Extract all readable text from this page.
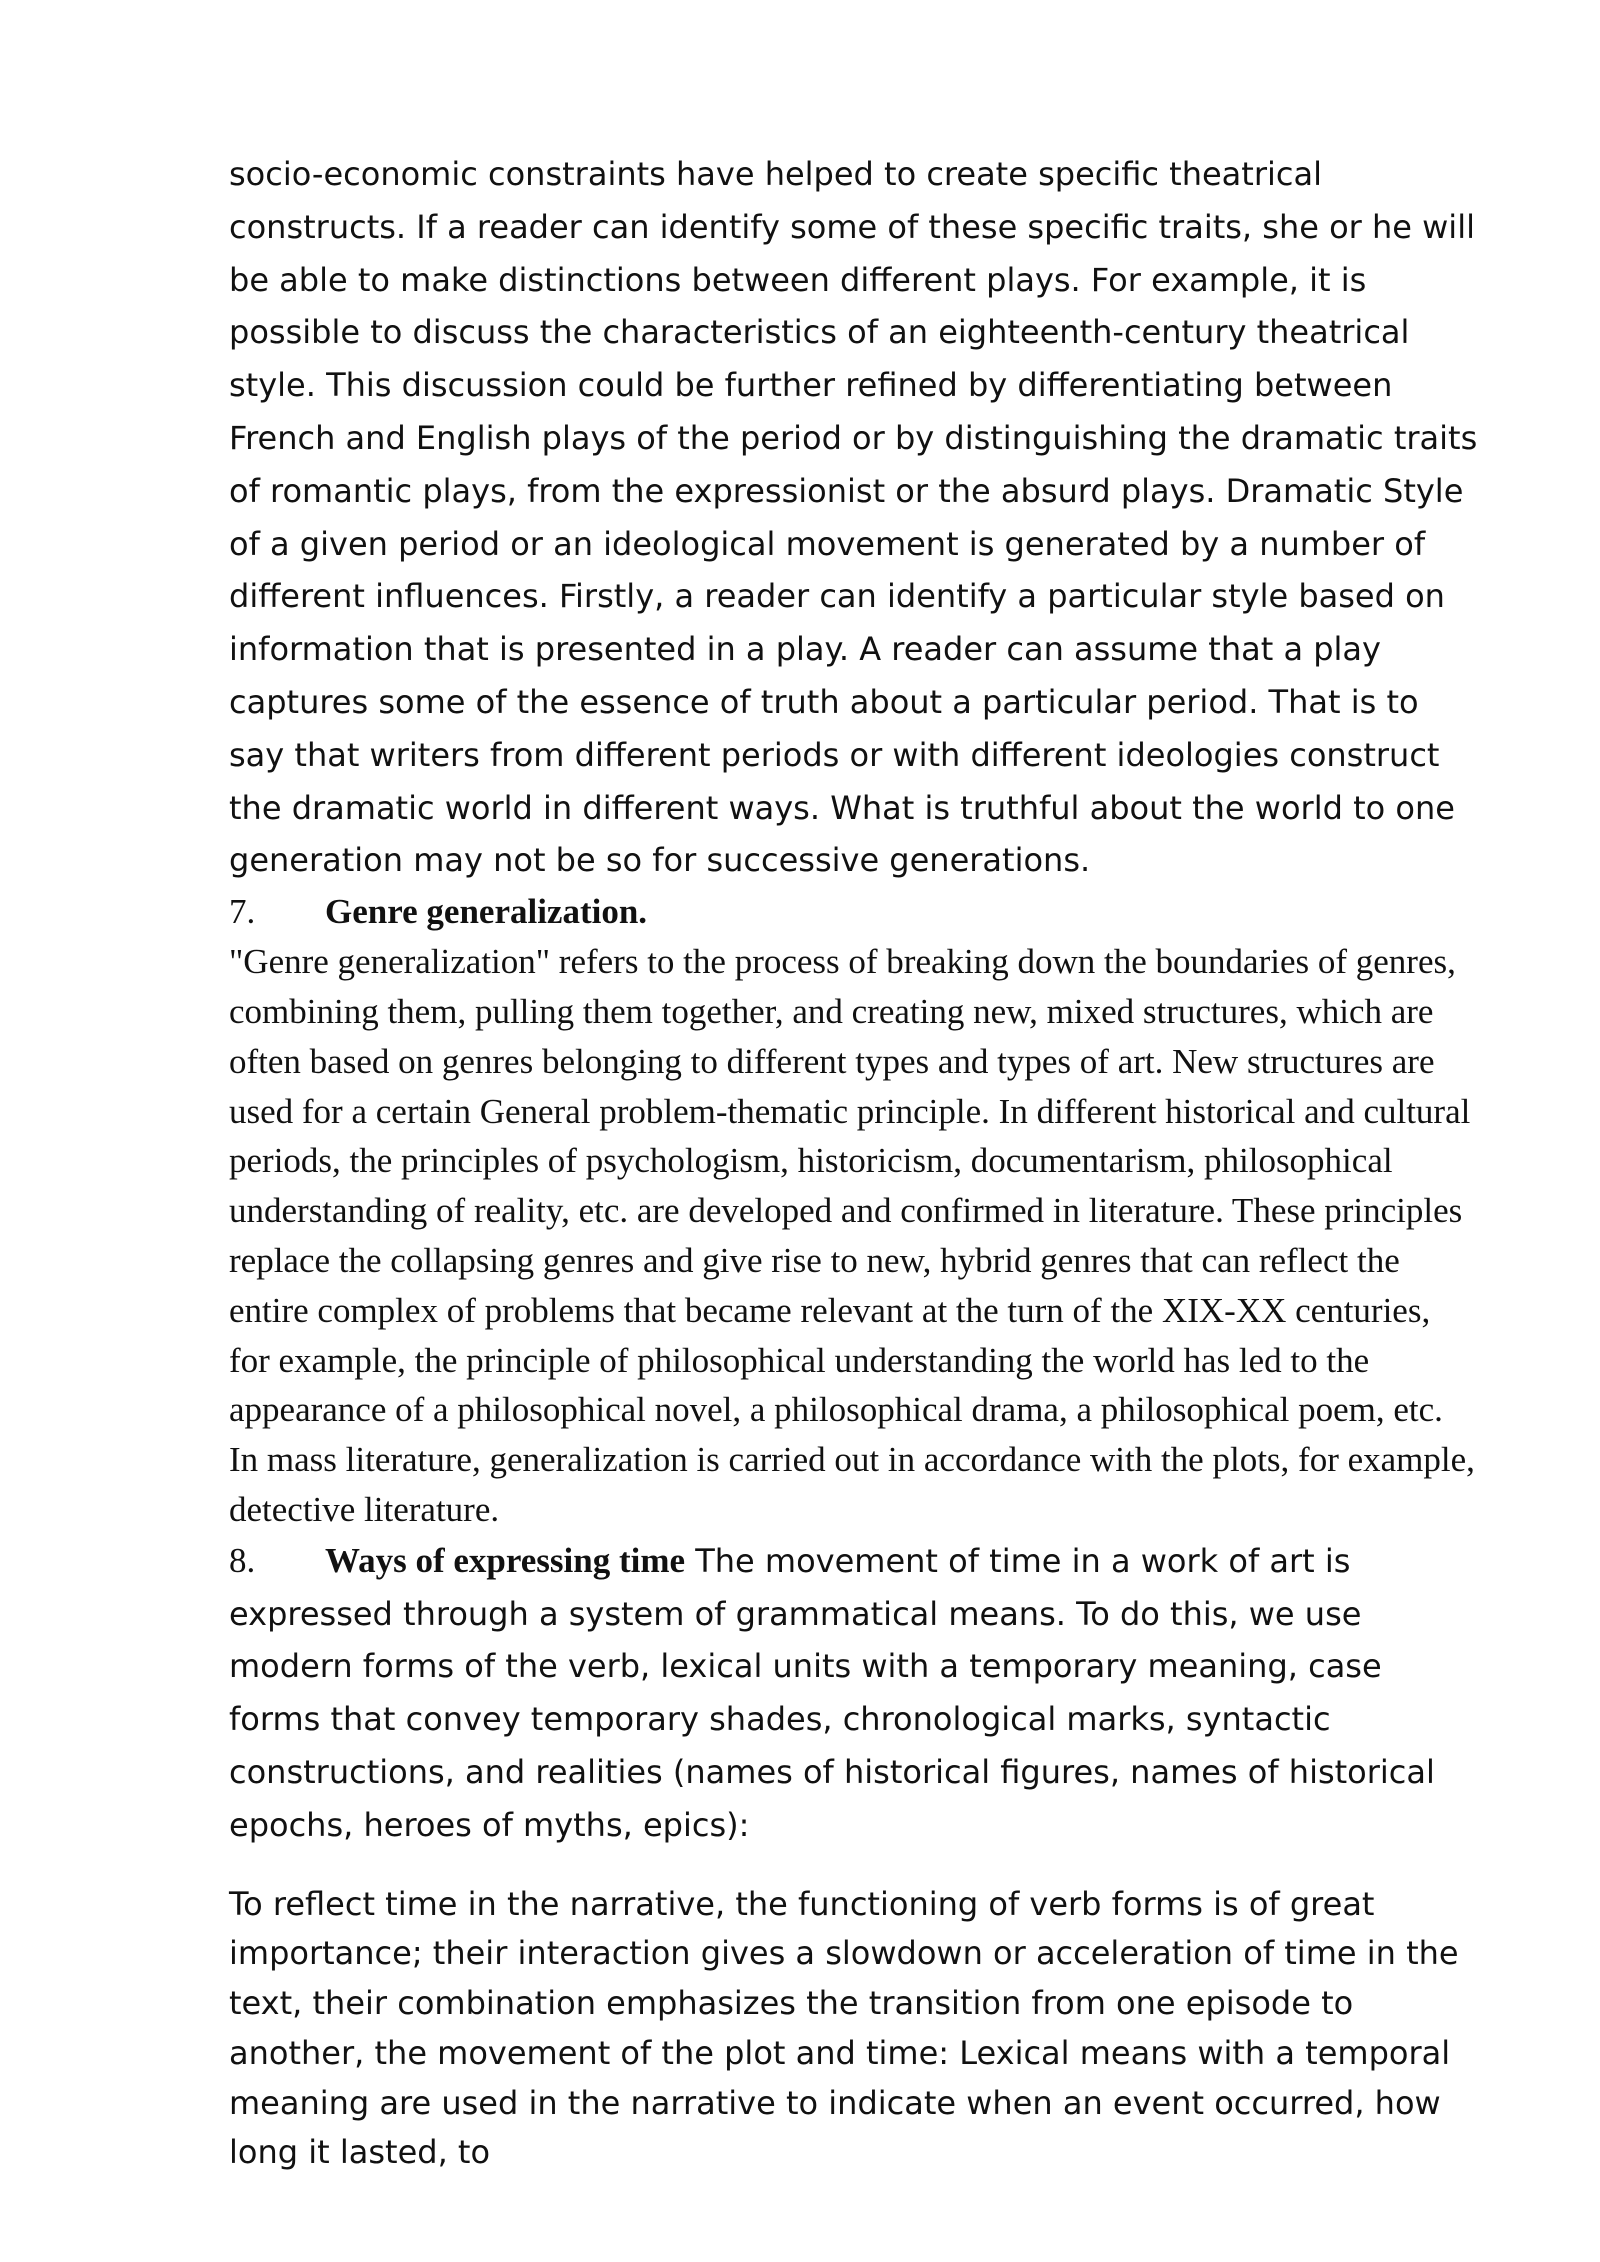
socio-economic constraints have helped to create specific theatrical constructs. If a reader can identify some of these specific traits, she or he will be able to make distinctions between different plays. For example, it is possible to discuss the characteristics of an eighteenth-century theatrical style. This discussion could be further refined by differentiating between French and English plays of the period or by distinguishing the dramatic traits of romantic plays, from the expressionist or the absurd plays. Dramatic Style of a given period or an ideological movement is generated by a number of different influences. Firstly, a reader can identify a particular style based on information that is presented in a play. A reader can assume that a play captures some of the essence of truth about a particular period. That is to say that writers from different periods or with different ideologies construct the dramatic world in different ways. What is truthful about the world to one generation may not be so for successive generations.

7.	Genre generalization.

"Genre generalization" refers to the process of breaking down the boundaries of genres, combining them, pulling them together, and creating new, mixed structures, which are often based on genres belonging to different types and types of art. New structures are used for a certain General problem-thematic principle. In different historical and cultural periods, the principles of psychologism, historicism, documentarism, philosophical understanding of reality, etc. are developed and confirmed in literature. These principles replace the collapsing genres and give rise to new, hybrid genres that can reflect the entire complex of problems that became relevant at the turn of the XIX-XX centuries, for example, the principle of philosophical understanding the world has led to the appearance of a philosophical novel, a philosophical drama, a philosophical poem, etc. In mass literature, generalization is carried out in accordance with the plots, for example, detective literature.

8. Ways of expressing time The movement of time in a work of art is expressed through a system of grammatical means. To do this, we use modern forms of the verb, lexical units with a temporary meaning, case forms that convey temporary shades, chronological marks, syntactic constructions, and realities (names of historical figures, names of historical epochs, heroes of myths, epics):

To reflect time in the narrative, the functioning of verb forms is of great importance; their interaction gives a slowdown or acceleration of time in the text, their combination emphasizes the transition from one episode to another, the movement of the plot and time: Lexical means with a temporal meaning are used in the narrative to indicate when an event occurred, how long it lasted, to
